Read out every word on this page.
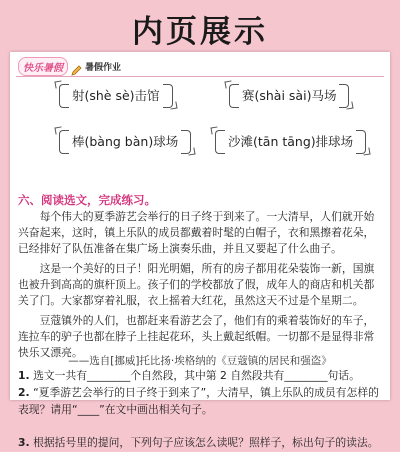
内页展示
快乐暑假	暑假作业
射(shè sè)击馆	赛(shài sài)马场
棒(bàng bàn)球场	沙滩(tān tāng)排球场
六、阅读选文，完成练习。
每个伟大的夏季游艺会举行的日子终于到来了。一大清早，人们就开始兴奋起来，这时，镇上乐队的成员都戴着时髦的白帽子，衣和黑擦着花朵，已经排好了队伍准备在集广场上演奏乐曲，并且又要起了什么曲子。
这是一个美好的日子！阳光明媚，所有的房子都用花朵装饰一新，国旗也被升到高高的旗杆顶上。孩子们的学校都放了假，成年人的商店和机关都关了门。大家都穿着礼服，衣上摇着大红花，虽然这天不过是个星期二。
豆蔻镇外的人们，也都赶来看游艺会了，他们有的乘着装饰好的车子，连拉车的驴子也都在脖子上挂起花环，头上戴起纸帽。一切都不是显得非常快乐又漂亮。
——选自[挪威]托比扬·埃格纳的《豆蔻镇的居民和强盗》
1. 选文一共有________个自然段，其中第 2 自然段共有________句话。
2. “夏季游艺会举行的日子终于到来了”，大清早，镇上乐队的成员有怎样的表现？请用“____”在文中画出相关句子。
3. 根据括号里的提问，下列句子应该怎么读呢？照样子，标出句子的读法。
